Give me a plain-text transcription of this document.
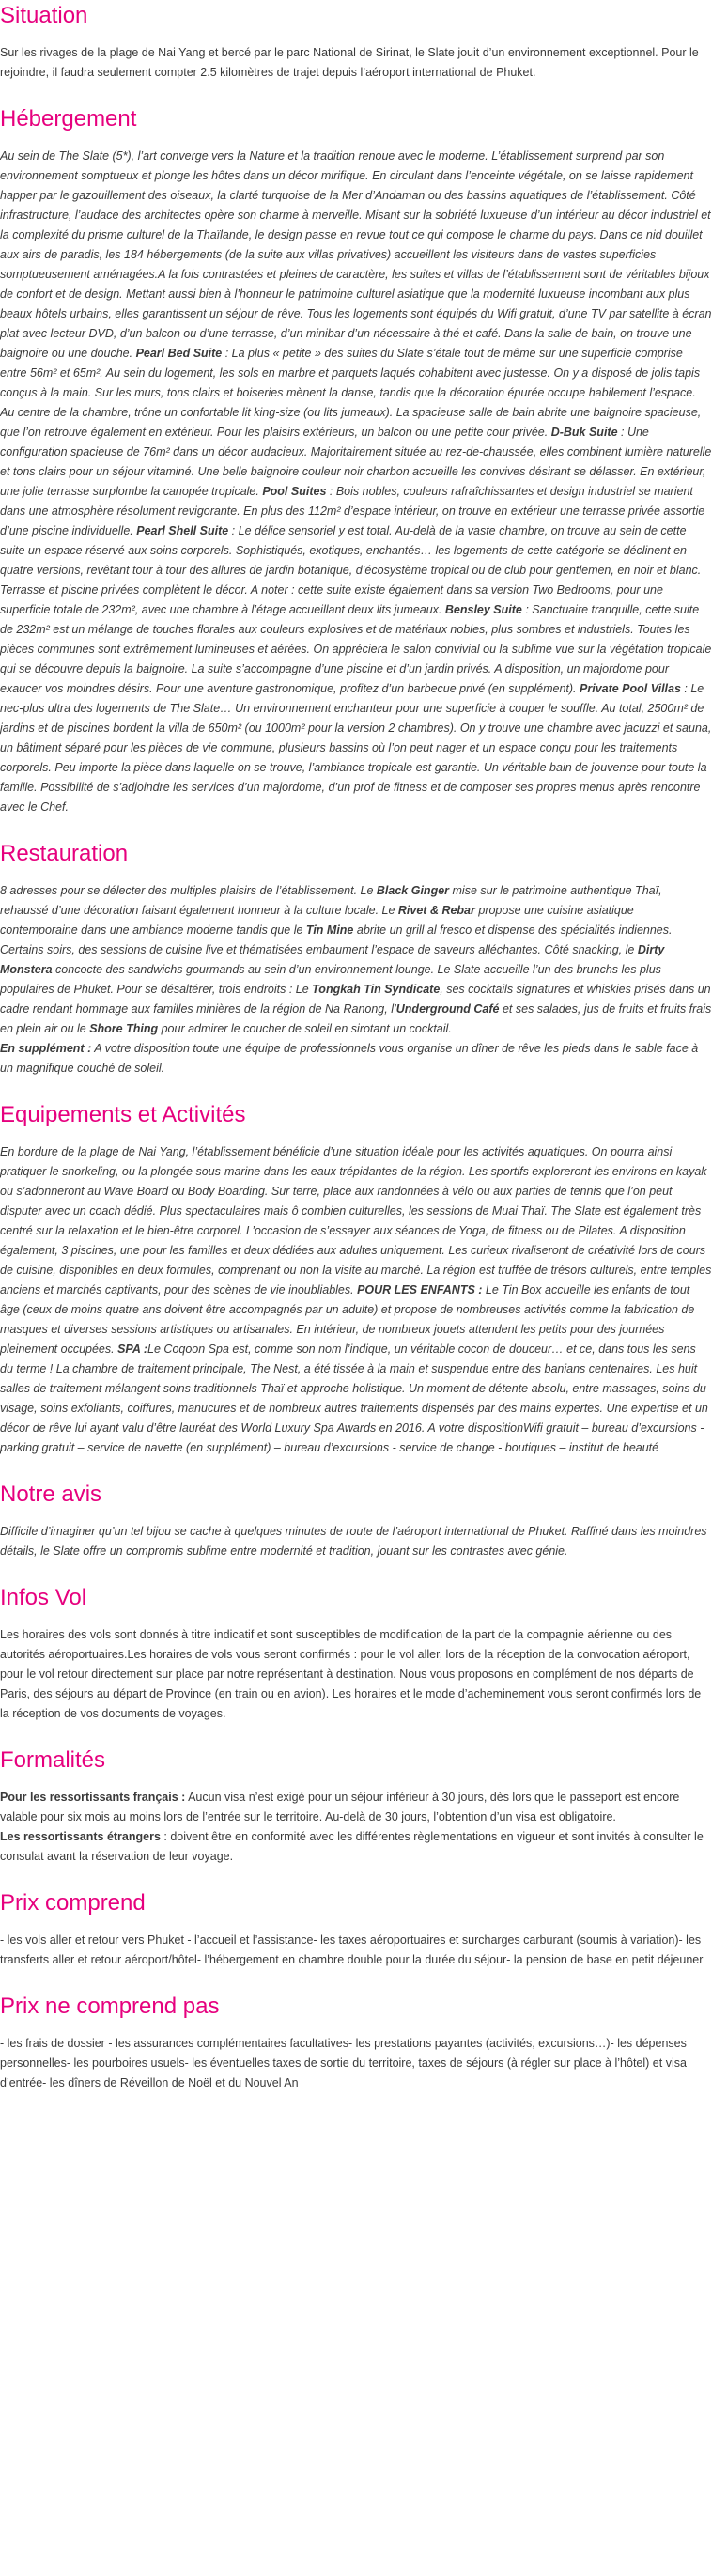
Situation

Sur les rivages de la plage de Nai Yang et bercé par le parc National de Sirinat, le Slate jouit d’un environnement exceptionnel. Pour le rejoindre, il faudra seulement compter 2.5 kilomètres de trajet depuis l’aéroport international de Phuket.

Hébergement

Au sein de The Slate (5*), l’art converge vers la Nature et la tradition renoue avec le moderne. L’établissement surprend par son environnement somptueux et plonge les hôtes dans un décor mirifique. En circulant dans l’enceinte végétale, on se laisse rapidement happer par le gazouillement des oiseaux, la clarté turquoise de la Mer d’Andaman ou des bassins aquatiques de l’établissement. Côté infrastructure, l’audace des architectes opère son charme à merveille. Misant sur la sobriété luxueuse d’un intérieur au décor industriel et la complexité du prisme culturel de la Thaïlande, le design passe en revue tout ce qui compose le charme du pays. Dans ce nid douillet aux airs de paradis, les 184 hébergements (de la suite aux villas privatives) accueillent les visiteurs dans de vastes superficies somptueusement aménagées.A la fois contrastées et pleines de caractère, les suites et villas de l’établissement sont de véritables bijoux de confort et de design. Mettant aussi bien à l’honneur le patrimoine culturel asiatique que la modernité luxueuse incombant aux plus beaux hôtels urbains, elles garantissent un séjour de rêve. Tous les logements sont équipés du Wifi gratuit, d’une TV par satellite à écran plat avec lecteur DVD, d’un balcon ou d’une terrasse, d’un minibar d’un nécessaire à thé et café. Dans la salle de bain, on trouve une baignoire ou une douche. Pearl Bed Suite : La plus « petite » des suites du Slate s’étale tout de même sur une superficie comprise entre 56m² et 65m². Au sein du logement, les sols en marbre et parquets laqués cohabitent avec justesse. On y a disposé de jolis tapis conçus à la main. Sur les murs, tons clairs et boiseries mènent la danse, tandis que la décoration épurée occupe habilement l’espace. Au centre de la chambre, trône un confortable lit king-size (ou lits jumeaux). La spacieuse salle de bain abrite une baignoire spacieuse, que l’on retrouve également en extérieur. Pour les plaisirs extérieurs, un balcon ou une petite cour privée. D-Buk Suite : Une configuration spacieuse de 76m² dans un décor audacieux. Majoritairement située au rez-de-chaussée, elles combinent lumière naturelle et tons clairs pour un séjour vitaminé. Une belle baignoire couleur noir charbon accueille les convives désirant se délasser. En extérieur, une jolie terrasse surplombe la canopée tropicale. Pool Suites : Bois nobles, couleurs rafraîchissantes et design industriel se marient dans une atmosphère résolument revigorante. En plus des 112m² d’espace intérieur, on trouve en extérieur une terrasse privée assortie d’une piscine individuelle. Pearl Shell Suite : Le délice sensoriel y est total. Au-delà de la vaste chambre, on trouve au sein de cette suite un espace réservé aux soins corporels. Sophistiqués, exotiques, enchantés… les logements de cette catégorie se déclinent en quatre versions, revêtant tour à tour des allures de jardin botanique, d’écosystème tropical ou de club pour gentlemen, en noir et blanc. Terrasse et piscine privées complètent le décor. A noter : cette suite existe également dans sa version Two Bedrooms, pour une superficie totale de 232m², avec une chambre à l’étage accueillant deux lits jumeaux. Bensley Suite : Sanctuaire tranquille, cette suite de 232m² est un mélange de touches florales aux couleurs explosives et de matériaux nobles, plus sombres et industriels. Toutes les pièces communes sont extrêmement lumineuses et aérées. On appréciera le salon convivial ou la sublime vue sur la végétation tropicale qui se découvre depuis la baignoire. La suite s’accompagne d’une piscine et d’un jardin privés. A disposition, un majordome pour exaucer vos moindres désirs. Pour une aventure gastronomique, profitez d’un barbecue privé (en supplément). Private Pool Villas : Le nec-plus ultra des logements de The Slate… Un environnement enchanteur pour une superficie à couper le souffle. Au total, 2500m² de jardins et de piscines bordent la villa de 650m² (ou 1000m² pour la version 2 chambres). On y trouve une chambre avec jacuzzi et sauna, un bâtiment séparé pour les pièces de vie commune, plusieurs bassins où l’on peut nager et un espace conçu pour les traitements corporels. Peu importe la pièce dans laquelle on se trouve, l’ambiance tropicale est garantie. Un véritable bain de jouvence pour toute la famille. Possibilité de s’adjoindre les services d’un majordome, d’un prof de fitness et de composer ses propres menus après rencontre avec le Chef.

Restauration

8 adresses pour se délecter des multiples plaisirs de l’établissement. Le Black Ginger mise sur le patrimoine authentique Thaï, rehaussé d’une décoration faisant également honneur à la culture locale. Le Rivet & Rebar propose une cuisine asiatique contemporaine dans une ambiance moderne tandis que le Tin Mine abrite un grill al fresco et dispense des spécialités indiennes. Certains soirs, des sessions de cuisine live et thématisées embaument l’espace de saveurs alléchantes. Côté snacking, le Dirty Monstera concocte des sandwichs gourmands au sein d’un environnement lounge. Le Slate accueille l’un des brunchs les plus populaires de Phuket. Pour se désaltérer, trois endroits : Le Tongkah Tin Syndicate, ses cocktails signatures et whiskies prisés dans un cadre rendant hommage aux familles minières de la région de Na Ranong, l’Underground Café et ses salades, jus de fruits et fruits frais en plein air ou le Shore Thing pour admirer le coucher de soleil en sirotant un cocktail.
En supplément : A votre disposition toute une équipe de professionnels vous organise un dîner de rêve les pieds dans le sable face à un magnifique couché de soleil.

Equipements et Activités

En bordure de la plage de Nai Yang, l’établissement bénéficie d’une situation idéale pour les activités aquatiques. On pourra ainsi pratiquer le snorkeling, ou la plongée sous-marine dans les eaux trépidantes de la région. Les sportifs exploreront les environs en kayak ou s’adonneront au Wave Board ou Body Boarding. Sur terre, place aux randonnées à vélo ou aux parties de tennis que l’on peut disputer avec un coach dédié. Plus spectaculaires mais ô combien culturelles, les sessions de Muai Thaï. The Slate est également très centré sur la relaxation et le bien-être corporel. L’occasion de s’essayer aux séances de Yoga, de fitness ou de Pilates. A disposition également, 3 piscines, une pour les familles et deux dédiées aux adultes uniquement. Les curieux rivaliseront de créativité lors de cours de cuisine, disponibles en deux formules, comprenant ou non la visite au marché. La région est truffée de trésors culturels, entre temples anciens et marchés captivants, pour des scènes de vie inoubliables. POUR LES ENFANTS : Le Tin Box accueille les enfants de tout âge (ceux de moins quatre ans doivent être accompagnés par un adulte) et propose de nombreuses activités comme la fabrication de masques et diverses sessions artistiques ou artisanales. En intérieur, de nombreux jouets attendent les petits pour des journées pleinement occupées. SPA :Le Coqoon Spa est, comme son nom l’indique, un véritable cocon de douceur… et ce, dans tous les sens du terme ! La chambre de traitement principale, The Nest, a été tissée à la main et suspendue entre des banians centenaires. Les huit salles de traitement mélangent soins traditionnels Thaï et approche holistique. Un moment de détente absolu, entre massages, soins du visage, soins exfoliants, coiffures, manucures et de nombreux autres traitements dispensés par des mains expertes. Une expertise et un décor de rêve lui ayant valu d’être lauréat des World Luxury Spa Awards en 2016. A votre dispositionWifi gratuit – bureau d’excursions - parking gratuit – service de navette (en supplément) – bureau d’excursions - service de change - boutiques – institut de beauté

Notre avis

Difficile d’imaginer qu’un tel bijou se cache à quelques minutes de route de l’aéroport international de Phuket. Raffiné dans les moindres détails, le Slate offre un compromis sublime entre modernité et tradition, jouant sur les contrastes avec génie.

Infos Vol

Les horaires des vols sont donnés à titre indicatif et sont susceptibles de modification de la part de la compagnie aérienne ou des autorités aéroportuaires.Les horaires de vols vous seront confirmés : pour le vol aller, lors de la réception de la convocation aéroport, pour le vol retour directement sur place par notre représentant à destination. Nous vous proposons en complément de nos départs de Paris, des séjours au départ de Province (en train ou en avion). Les horaires et le mode d’acheminement vous seront confirmés lors de la réception de vos documents de voyages.

Formalités

Pour les ressortissants français : Aucun visa n’est exigé pour un séjour inférieur à 30 jours, dès lors que le passeport est encore valable pour six mois au moins lors de l’entrée sur le territoire. Au-delà de 30 jours, l’obtention d’un visa est obligatoire.
Les ressortissants étrangers : doivent être en conformité avec les différentes règlementations en vigueur et sont invités à consulter le consulat avant la réservation de leur voyage.

Prix comprend

- les vols aller et retour vers Phuket - l’accueil et l’assistance- les taxes aéroportuaires et surcharges carburant (soumis à variation)- les transferts aller et retour aéroport/hôtel- l’hébergement en chambre double pour la durée du séjour- la pension de base en petit déjeuner

Prix ne comprend pas

- les frais de dossier - les assurances complémentaires facultatives- les prestations payantes (activités, excursions…)- les dépenses personnelles- les pourboires usuels- les éventuelles taxes de sortie du territoire, taxes de séjours (à régler sur place à l’hôtel) et visa d’entrée- les dîners de Réveillon de Noël et du Nouvel An
